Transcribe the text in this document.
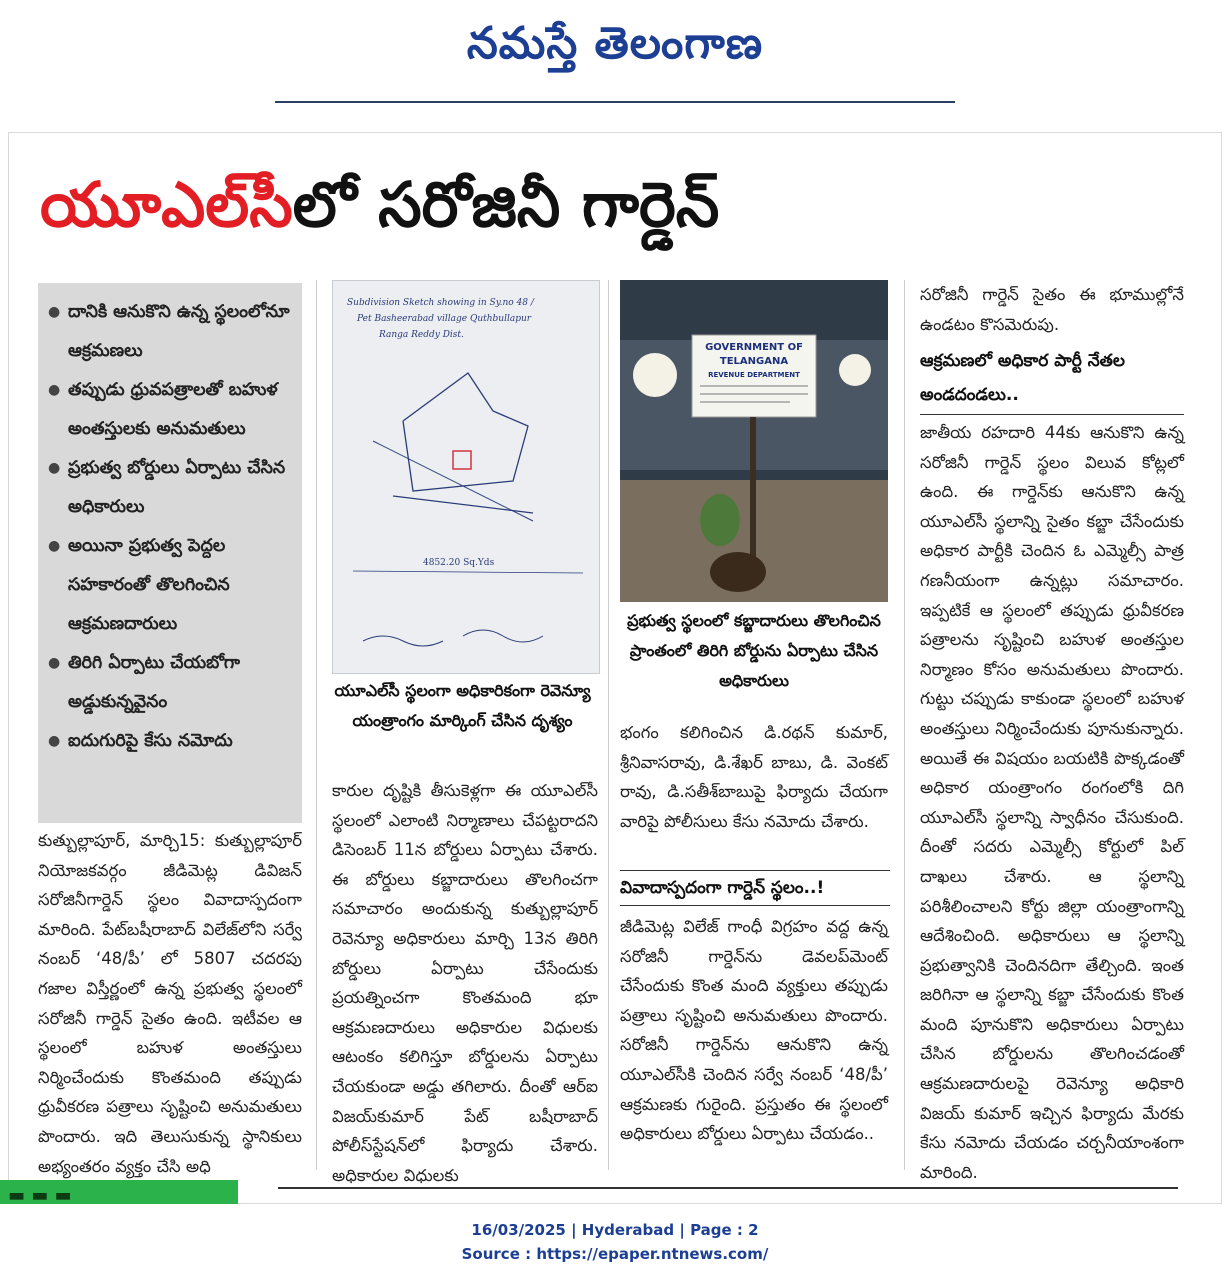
నమస్తే తెలంగాణ
యూఎల్‌సీలో సరోజినీ గార్డెన్
● దానికి ఆనుకొని ఉన్న స్థలంలోనూ ఆక్రమణలు
● తప్పుడు ధ్రువపత్రాలతో బహుళ అంతస్తులకు అనుమతులు
● ప్రభుత్వ బోర్డులు ఏర్పాటు చేసిన అధికారులు
● అయినా ప్రభుత్వ పెద్దల సహకారంతో తొలగించిన ఆక్రమణదారులు
● తిరిగి ఏర్పాటు చేయబోగా అడ్డుకున్నవైనం
● ఐదుగురిపై కేసు నమోదు

కుత్బుల్లాపూర్, మార్చి15: కుత్బుల్లాపూర్ నియోజకవర్గం జీడిమెట్ల డివిజన్ సరోజినీగార్డెన్ స్థలం వివాదాస్పదంగా మారింది. పేట్‌బషీరాబాద్ విలేజ్‌లోని సర్వే నంబర్ ‘48/పీ’ లో 5807 చదరపు గజాల విస్తీర్ణంలో ఉన్న ప్రభుత్వ స్థలంలో సరోజినీ గార్డెన్ సైతం ఉంది. ఇటీవల ఆ స్థలంలో బహుళ అంతస్తులు నిర్మించేందుకు కొంతమంది తప్పుడు ధ్రువీకరణ పత్రాలు సృష్టించి అనుమతులు పొందారు. ఇది తెలుసుకున్న స్థానికులు అభ్యంతరం వ్యక్తం చేసి అధి

Subdivision Sketch showing in Sy.no 48 /
Pet Basheerabad village Quthbullapur
Ranga Reddy Dist.
4852.20 Sq.Yds
యూఎల్‌సీ స్థలంగా అధికారికంగా రెవెన్యూ యంత్రాంగం మార్కింగ్ చేసిన దృశ్యం

కారుల దృష్టికి తీసుకెళ్లగా ఈ యూఎల్‌సీ స్థలంలో ఎలాంటి నిర్మాణాలు చేపట్టరాదని డిసెంబర్ 11న బోర్డులు ఏర్పాటు చేశారు. ఈ బోర్డులు కబ్జాదారులు తొలగించగా సమాచారం అందుకున్న కుత్బుల్లాపూర్ రెవెన్యూ అధికారులు మార్చి 13న తిరిగి బోర్డులు ఏర్పాటు చేసేందుకు ప్రయత్నించగా కొంతమంది భూ ఆక్రమణదారులు అధికారుల విధులకు ఆటంకం కలిగిస్తూ బోర్డులను ఏర్పాటు చేయకుండా అడ్డు తగిలారు. దీంతో ఆర్ఐ విజయ్‌కుమార్ పేట్ బషీరాబాద్ పోలీస్‌స్టేషన్‌లో ఫిర్యాదు చేశారు. అధికారుల విధులకు

GOVERNMENT OF
TELANGANA
REVENUE DEPARTMENT
ప్రభుత్వ స్థలంలో కబ్జాదారులు తొలగించిన ప్రాంతంలో తిరిగి బోర్డును ఏర్పాటు చేసిన అధికారులు

భంగం కలిగించిన డి.రథన్ కుమార్, శ్రీనివాసరావు, డి.శేఖర్ బాబు, డి. వెంకట్ రావు, డి.సతీశ్‌బాబుపై ఫిర్యాదు చేయగా వారిపై పోలీసులు కేసు నమోదు చేశారు.

వివాదాస్పదంగా గార్డెన్ స్థలం..!

జీడిమెట్ల విలేజ్ గాంధీ విగ్రహం వద్ద ఉన్న సరోజినీ గార్డెన్‌ను డెవలప్‌మెంట్ చేసేందుకు కొంత మంది వ్యక్తులు తప్పుడు పత్రాలు సృష్టించి అనుమతులు పొందారు. సరోజినీ గార్డెన్‌ను ఆనుకొని ఉన్న యూఎల్‌సీకి చెందిన సర్వే నంబర్ ‘48/పీ’ ఆక్రమణకు గురైంది. ప్రస్తుతం ఈ స్థలంలో అధికారులు బోర్డులు ఏర్పాటు చేయడం..

సరోజినీ గార్డెన్ సైతం ఈ భూముల్లోనే ఉండటం కొసమెరుపు.

ఆక్రమణలో అధికార పార్టీ నేతల అండదండలు..

జాతీయ రహదారి 44కు ఆనుకొని ఉన్న సరోజినీ గార్డెన్ స్థలం విలువ కోట్లలో ఉంది. ఈ గార్డెన్‌కు ఆనుకొని ఉన్న యూఎల్‌సీ స్థలాన్ని సైతం కబ్జా చేసేందుకు అధికార పార్టీకి చెందిన ఓ ఎమ్మెల్సీ పాత్ర గణనీయంగా ఉన్నట్లు సమాచారం. ఇప్పటికే ఆ స్థలంలో తప్పుడు ధ్రువీకరణ పత్రాలను సృష్టించి బహుళ అంతస్తుల నిర్మాణం కోసం అనుమతులు పొందారు. గుట్టు చప్పుడు కాకుండా స్థలంలో బహుళ అంతస్తులు నిర్మించేందుకు పూనుకున్నారు. అయితే ఈ విషయం బయటికి పొక్కడంతో అధికార యంత్రాంగం రంగంలోకి దిగి యూఎల్‌సీ స్థలాన్ని స్వాధీనం చేసుకుంది. దీంతో సదరు ఎమ్మెల్సీ కోర్టులో పిల్ దాఖలు చేశారు. ఆ స్థలాన్ని పరిశీలించాలని కోర్టు జిల్లా యంత్రాంగాన్ని ఆదేశించింది. అధికారులు ఆ స్థలాన్ని ప్రభుత్వానికి చెందినదిగా తేల్చింది. ఇంత జరిగినా ఆ స్థలాన్ని కబ్జా చేసేందుకు కొంత మంది పూనుకొని అధికారులు ఏర్పాటు చేసిన బోర్డులను తొలగించడంతో ఆక్రమణదారులపై రెవెన్యూ అధికారి విజయ్ కుమార్ ఇచ్చిన ఫిర్యాదు మేరకు కేసు నమోదు చేయడం చర్చనీయాంశంగా మారింది.

▬ ▬ ▬
16/03/2025 | Hyderabad | Page : 2
Source : https://epaper.ntnews.com/
